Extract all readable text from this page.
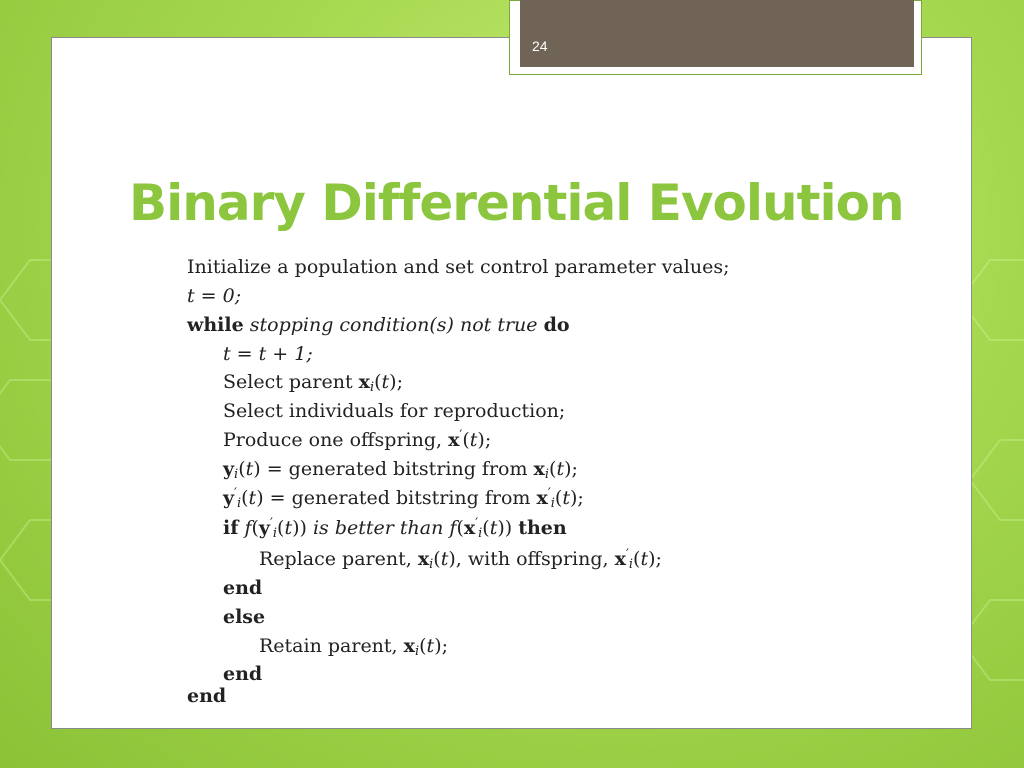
24
Binary Differential Evolution
Initialize a population and set control parameter values;
t = 0;
while stopping condition(s) not true do
t = t + 1;
Select parent $x_i(t)$;
Select individuals for reproduction;
Produce one offspring, x′(t);
$y_i(t)$ = generated bitstring from $x_i(t)$;
$y'_i(t)$ = generated bitstring from $x'_i(t)$;
if $f(y'_i(t))$ is better than $f(x'_i(t))$ then
Replace parent, $x_i(t)$, with offspring, $x'_i(t)$;
end
else
Retain parent, $x_i(t)$;
end
end
